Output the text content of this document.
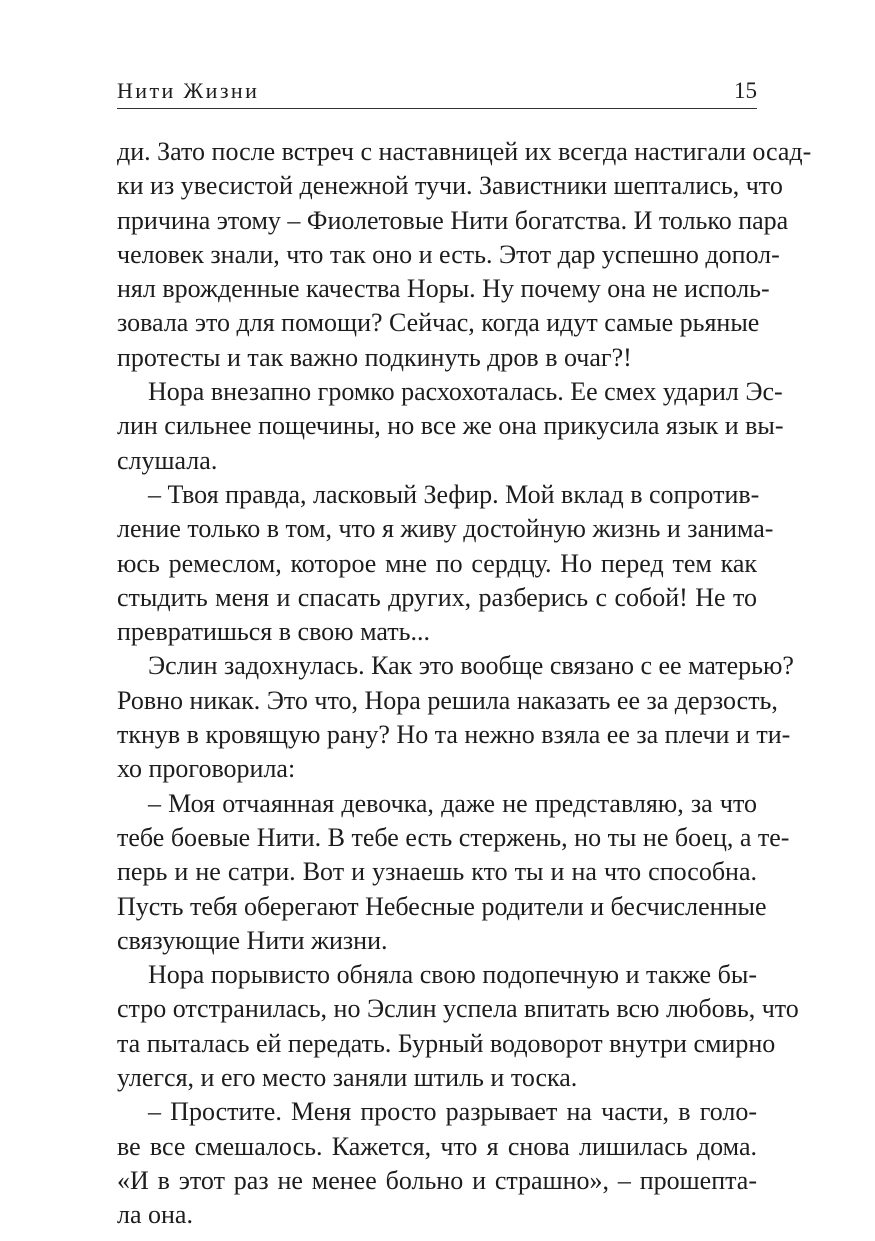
Нити Жизни	15
ди. Зато после встреч с наставницей их всегда настигали осад-
ки из увесистой денежной тучи. Завистники шептались, что
причина этому – Фиолетовые Нити богатства. И только пара
человек знали, что так оно и есть. Этот дар успешно допол-
нял врожденные качества Норы. Ну почему она не исполь-
зовала это для помощи? Сейчас, когда идут самые рьяные
протесты и так важно подкинуть дров в очаг?!
Нора внезапно громко расхохоталась. Ее смех ударил Эс-
лин сильнее пощечины, но все же она прикусила язык и вы-
слушала.
– Твоя правда, ласковый Зефир. Мой вклад в сопротив-
ление только в том, что я живу достойную жизнь и занима-
юсь ремеслом, которое мне по сердцу. Но перед тем как
стыдить меня и спасать других, разберись с собой! Не то
превратишься в свою мать...
Эслин задохнулась. Как это вообще связано с ее матерью?
Ровно никак. Это что, Нора решила наказать ее за дерзость,
ткнув в кровящую рану? Но та нежно взяла ее за плечи и ти-
хо проговорила:
– Моя отчаянная девочка, даже не представляю, за что
тебе боевые Нити. В тебе есть стержень, но ты не боец, а те-
перь и не сатри. Вот и узнаешь кто ты и на что способна.
Пусть тебя оберегают Небесные родители и бесчисленные
связующие Нити жизни.
Нора порывисто обняла свою подопечную и также бы-
стро отстранилась, но Эслин успела впитать всю любовь, что
та пыталась ей передать. Бурный водоворот внутри смирно
улегся, и его место заняли штиль и тоска.
– Простите. Меня просто разрывает на части, в голо-
ве все смешалось. Кажется, что я снова лишилась дома.
«И в этот раз не менее больно и страшно», – прошепта-
ла она.
